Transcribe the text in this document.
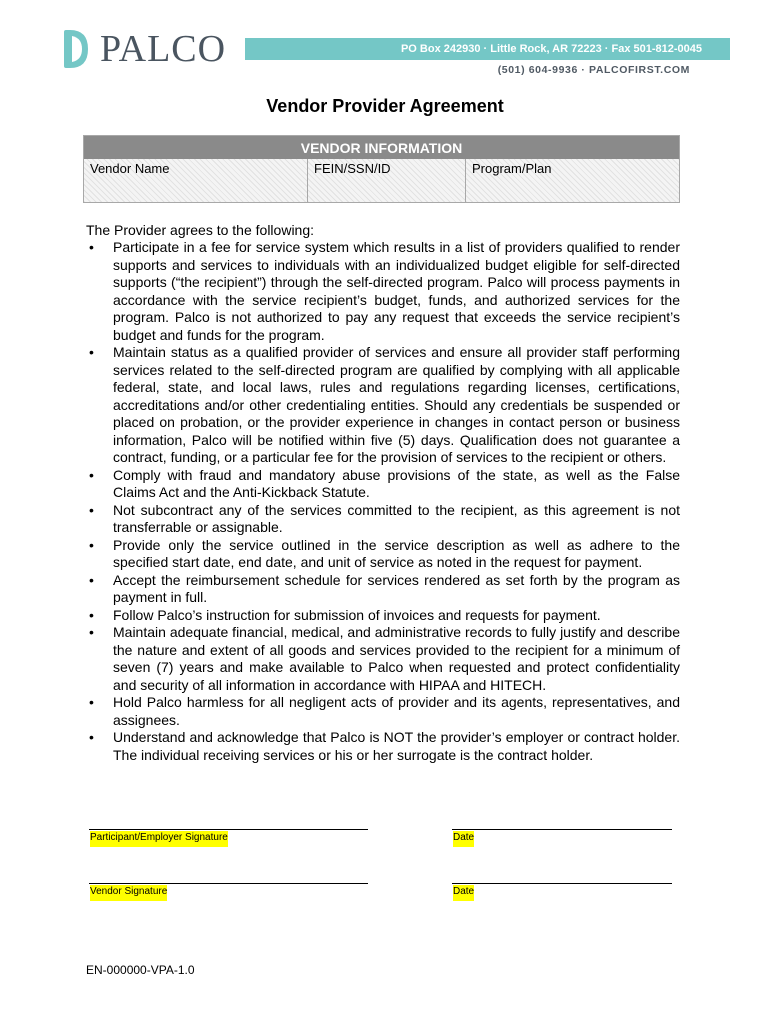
PALCO	PO Box 242930 · Little Rock, AR 72223 · Fax 501-812-0045
(501) 604-9936 · PALCOFIRST.COM
Vendor Provider Agreement
VENDOR INFORMATION
Vendor Name	FEIN/SSN/ID	Program/Plan
The Provider agrees to the following:
• Participate in a fee for service system which results in a list of providers qualified to render supports and services to individuals with an individualized budget eligible for self-directed supports (“the recipient”) through the self-directed program. Palco will process payments in accordance with the service recipient’s budget, funds, and authorized services for the program. Palco is not authorized to pay any request that exceeds the service recipient’s budget and funds for the program.
• Maintain status as a qualified provider of services and ensure all provider staff performing services related to the self-directed program are qualified by complying with all applicable federal, state, and local laws, rules and regulations regarding licenses, certifications, accreditations and/or other credentialing entities. Should any credentials be suspended or placed on probation, or the provider experience in changes in contact person or business information, Palco will be notified within five (5) days. Qualification does not guarantee a contract, funding, or a particular fee for the provision of services to the recipient or others.
• Comply with fraud and mandatory abuse provisions of the state, as well as the False Claims Act and the Anti-Kickback Statute.
• Not subcontract any of the services committed to the recipient, as this agreement is not transferrable or assignable.
• Provide only the service outlined in the service description as well as adhere to the specified start date, end date, and unit of service as noted in the request for payment.
• Accept the reimbursement schedule for services rendered as set forth by the program as payment in full.
• Follow Palco’s instruction for submission of invoices and requests for payment.
• Maintain adequate financial, medical, and administrative records to fully justify and describe the nature and extent of all goods and services provided to the recipient for a minimum of seven (7) years and make available to Palco when requested and protect confidentiality and security of all information in accordance with HIPAA and HITECH.
• Hold Palco harmless for all negligent acts of provider and its agents, representatives, and assignees.
• Understand and acknowledge that Palco is NOT the provider’s employer or contract holder. The individual receiving services or his or her surrogate is the contract holder.
Participant/Employer Signature	Date
Vendor Signature	Date
EN-000000-VPA-1.0
